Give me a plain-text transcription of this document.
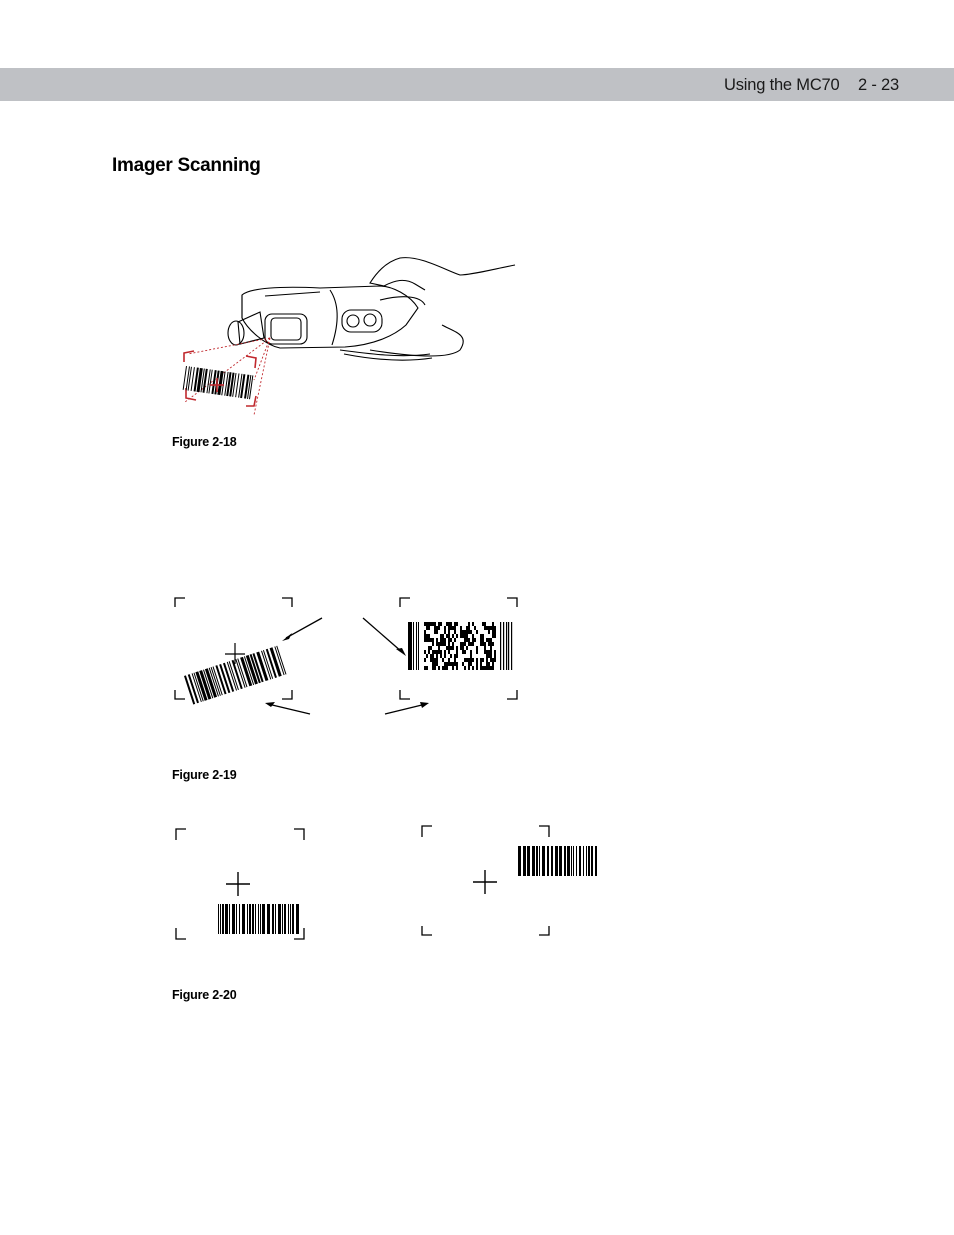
Using the MC70 2 - 23
Imager Scanning
Figure 2-18
Figure 2-19
Figure 2-20
